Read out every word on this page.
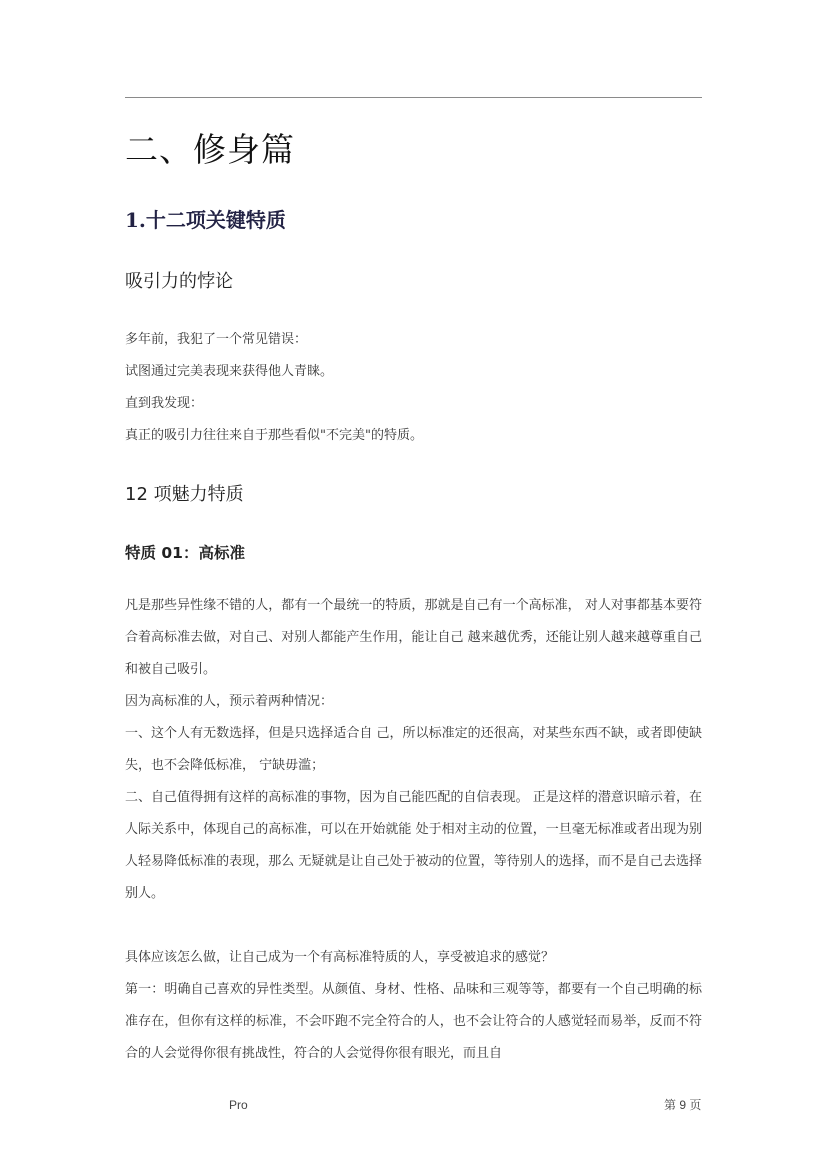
二、修身篇
1.十二项关键特质
吸引力的悖论

多年前，我犯了一个常见错误：

试图通过完美表现来获得他人青睐。

直到我发现：

真正的吸引力往往来自于那些看似"不完美"的特质。

12 项魅力特质
特质 01：高标准

凡是那些异性缘不错的人，都有一个最统一的特质，那就是自己有一个高标准， 对人对事都基本要符合着高标准去做，对自己、对别人都能产生作用，能让自己 越来越优秀，还能让别人越来越尊重自己和被自己吸引。

因为高标准的人，预示着两种情况：

一、这个人有无数选择，但是只选择适合自 己，所以标准定的还很高，对某些东西不缺，或者即使缺失，也不会降低标准， 宁缺毋滥；

二、自己值得拥有这样的高标准的事物，因为自己能匹配的自信表现。 正是这样的潜意识暗示着，在人际关系中，体现自己的高标准，可以在开始就能 处于相对主动的位置，一旦毫无标准或者出现为别人轻易降低标准的表现，那么 无疑就是让自己处于被动的位置，等待别人的选择，而不是自己去选择别人。

具体应该怎么做，让自己成为一个有高标准特质的人，享受被追求的感觉？

第一：明确自己喜欢的异性类型。从颜值、身材、性格、品味和三观等等，都要有一个自己明确的标准存在，但你有这样的标准，不会吓跑不完全符合的人，也不会让符合的人感觉轻而易举，反而不符合的人会觉得你很有挑战性，符合的人会觉得你很有眼光，而且自

Pro	第 9 页
